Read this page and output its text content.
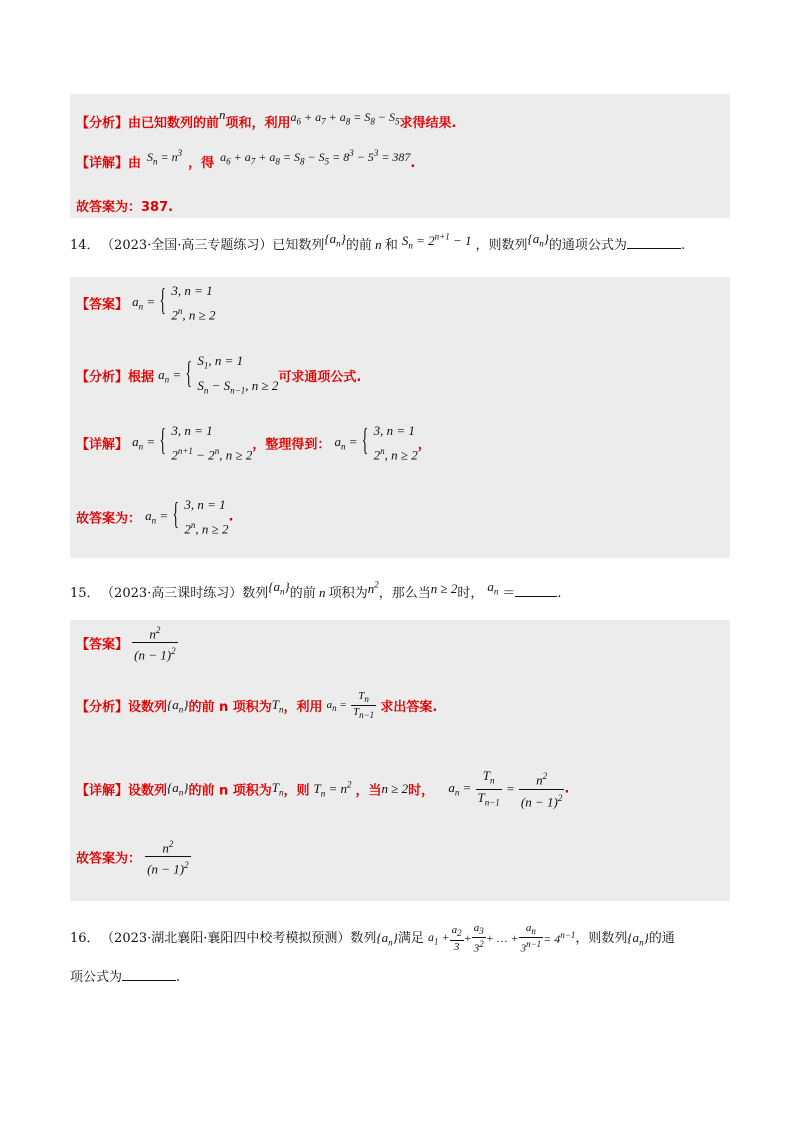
【分析】由已知数列的前n项和，利用$a_6 + a_7 + a_8 = S_8 - S_5$求得结果.
【详解】由 $S_n = n^3$，得 $a_6 + a_7 + a_8 = S_8 - S_5 = 8^3 - 5^3 = 387$.
故答案为：387.
14． （2023·全国·高三专题练习）已知数列$\{a_n\}$的前 n 和 $S_n = 2^{n+1} - 1$ ，则数列$\{a_n\}$的通项公式为	.
【答案】 $a_n$ =
{ 3, n = 1
2$^n$, n ≥ 2
【分析】根据 $a_n$ =
{ $S_1$, n = 1
$S_n - S_{n-1}$, n ≥ 2 可求通项公式.
【详解】 $a_n$ =
{ 3, n = 1
$2^{n+1} - 2^n$, n ≥ 2
，整理得到： $a_n$ =
{ 3, n = 1
2$^n$, n ≥ 2
，
故答案为： $a_n$ =
{ 3, n = 1
2$^n$, n ≥ 2
.
15． （2023·高三课时练习）数列$\{a_n\}$的前 n 项积为$n^2$，那么当n ≥ 2时， $a_n$ ＝	.
【答案】 $\frac{n^2}{(n - 1)^2}$
【分析】设数列$\{a_n\}$的前 n 项积为$T_n$，利用 $a_n = \frac{T_n}{T_{n-1}}$ 求出答案.
【详解】设数列$\{a_n\}$的前 n 项积为$T_n$，则 $T_n = n^2$ ，当n ≥ 2时， $a_n = \frac{T_n}{T_{n-1}} = \frac{n^2}{(n - 1)^2}$ .
故答案为： $\frac{n^2}{(n - 1)^2}$
16． （2023·湖北襄阳·襄阳四中校考模拟预测）数列$\{a_n\}$满足 $a_1 + \frac{a_2}{3} + \frac{a_3}{3^2}$ + … + $\frac{a_n}{3^{n-1}} = 4^{n-1}$，则数列$\{a_n\}$的通
项公式为	.
